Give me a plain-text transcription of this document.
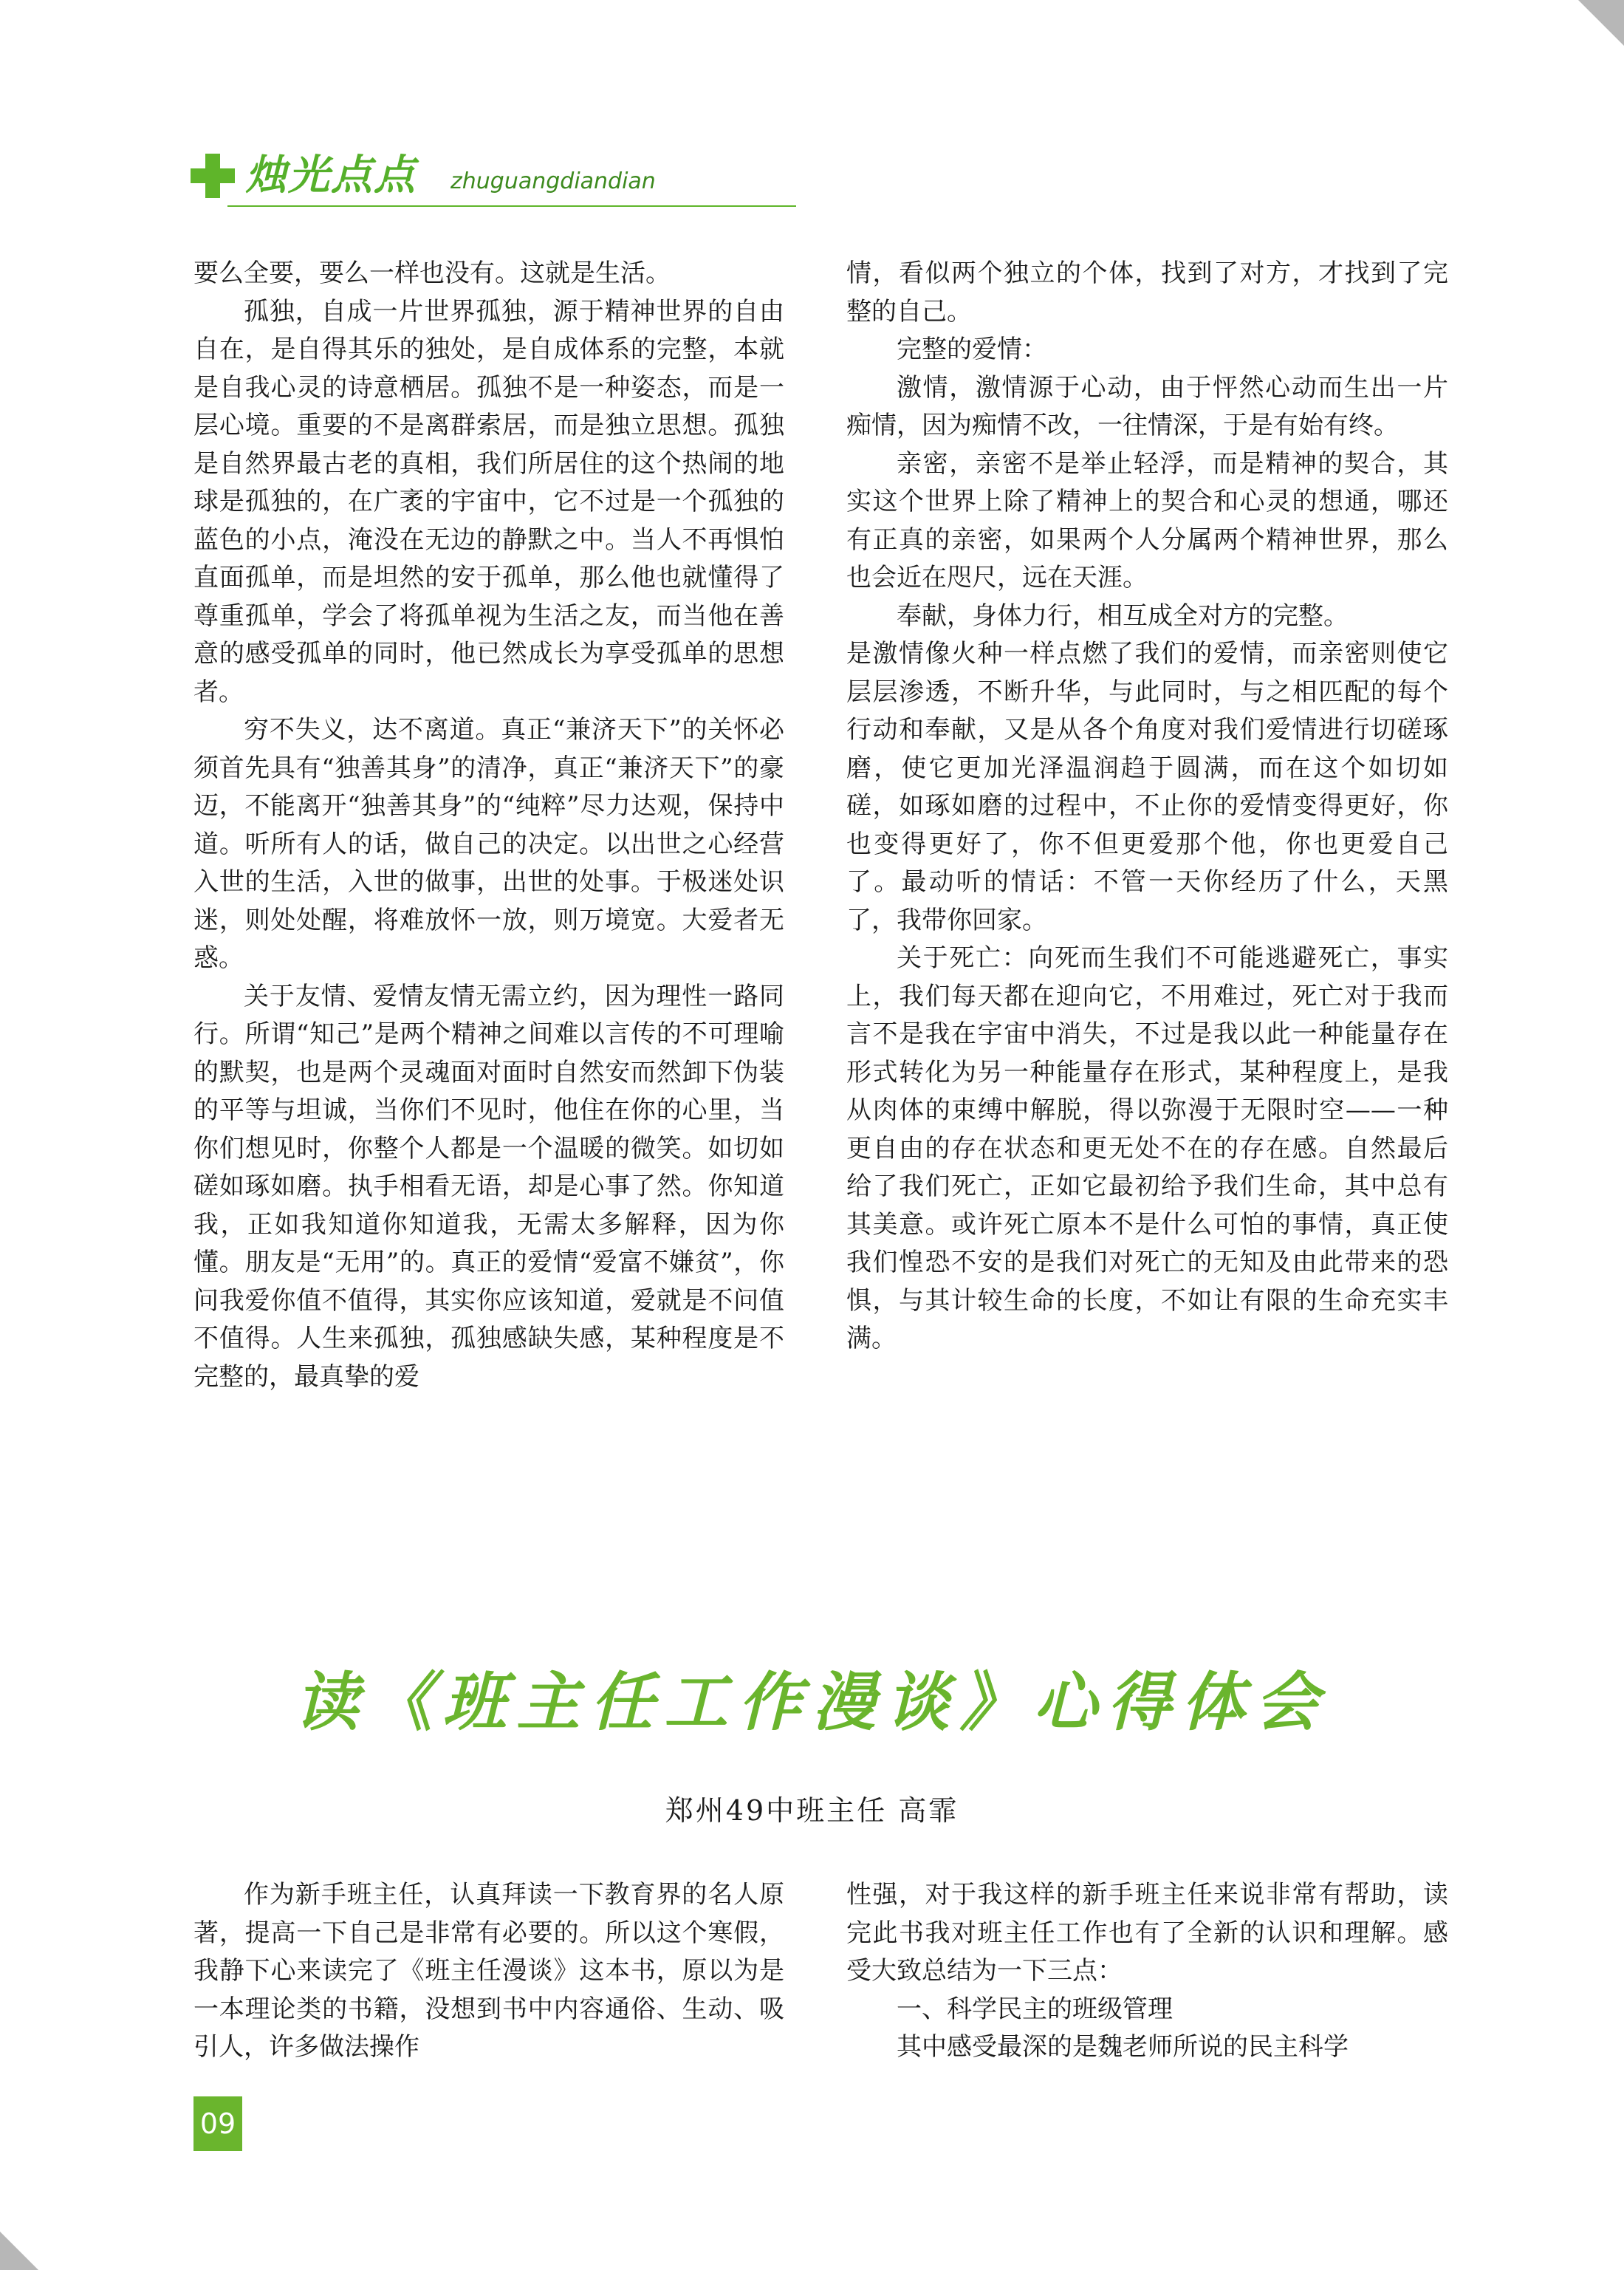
烛光点点 zhuguangdiandian

要么全要，要么一样也没有。这就是生活。

孤独，自成一片世界孤独，源于精神世界的自由自在，是自得其乐的独处，是自成体系的完整，本就是自我心灵的诗意栖居。孤独不是一种姿态，而是一层心境。重要的不是离群索居，而是独立思想。孤独是自然界最古老的真相，我们所居住的这个热闹的地球是孤独的，在广袤的宇宙中，它不过是一个孤独的蓝色的小点，淹没在无边的静默之中。当人不再惧怕直面孤单，而是坦然的安于孤单，那么他也就懂得了尊重孤单，学会了将孤单视为生活之友，而当他在善意的感受孤单的同时，他已然成长为享受孤单的思想者。

穷不失义，达不离道。真正“兼济天下”的关怀必须首先具有“独善其身”的清净，真正“兼济天下”的豪迈，不能离开“独善其身”的“纯粹”尽力达观，保持中道。听所有人的话，做自己的决定。以出世之心经营入世的生活，入世的做事，出世的处事。于极迷处识迷，则处处醒，将难放怀一放，则万境宽。大爱者无惑。

关于友情、爱情友情无需立约，因为理性一路同行。所谓“知己”是两个精神之间难以言传的不可理喻的默契，也是两个灵魂面对面时自然安而然卸下伪装的平等与坦诚，当你们不见时，他住在你的心里，当你们想见时，你整个人都是一个温暖的微笑。如切如磋如琢如磨。执手相看无语，却是心事了然。你知道我，正如我知道你知道我，无需太多解释，因为你懂。朋友是“无用”的。真正的爱情“爱富不嫌贫”，你问我爱你值不值得，其实你应该知道，爱就是不问值不值得。人生来孤独，孤独感缺失感，某种程度是不完整的，最真挚的爱

情，看似两个独立的个体，找到了对方，才找到了完整的自己。

完整的爱情：

激情，激情源于心动，由于怦然心动而生出一片痴情，因为痴情不改，一往情深，于是有始有终。

亲密，亲密不是举止轻浮，而是精神的契合，其实这个世界上除了精神上的契合和心灵的想通，哪还有正真的亲密，如果两个人分属两个精神世界，那么也会近在咫尺，远在天涯。

奉献，身体力行，相互成全对方的完整。

是激情像火种一样点燃了我们的爱情，而亲密则使它层层渗透，不断升华，与此同时，与之相匹配的每个行动和奉献，又是从各个角度对我们爱情进行切磋琢磨，使它更加光泽温润趋于圆满，而在这个如切如磋，如琢如磨的过程中，不止你的爱情变得更好，你也变得更好了，你不但更爱那个他，你也更爱自己了。最动听的情话：不管一天你经历了什么，天黑了，我带你回家。

关于死亡：向死而生我们不可能逃避死亡，事实上，我们每天都在迎向它，不用难过，死亡对于我而言不是我在宇宙中消失，不过是我以此一种能量存在形式转化为另一种能量存在形式，某种程度上，是我从肉体的束缚中解脱，得以弥漫于无限时空——一种更自由的存在状态和更无处不在的存在感。自然最后给了我们死亡，正如它最初给予我们生命，其中总有其美意。或许死亡原本不是什么可怕的事情，真正使我们惶恐不安的是我们对死亡的无知及由此带来的恐惧，与其计较生命的长度，不如让有限的生命充实丰满。

读《班主任工作漫谈》心得体会
郑州49中班主任 高霏

作为新手班主任，认真拜读一下教育界的名人原著，提高一下自己是非常有必要的。所以这个寒假，我静下心来读完了《班主任漫谈》这本书，原以为是一本理论类的书籍，没想到书中内容通俗、生动、吸引人，许多做法操作

性强，对于我这样的新手班主任来说非常有帮助，读完此书我对班主任工作也有了全新的认识和理解。感受大致总结为一下三点：

一、科学民主的班级管理

其中感受最深的是魏老师所说的民主科学

09
